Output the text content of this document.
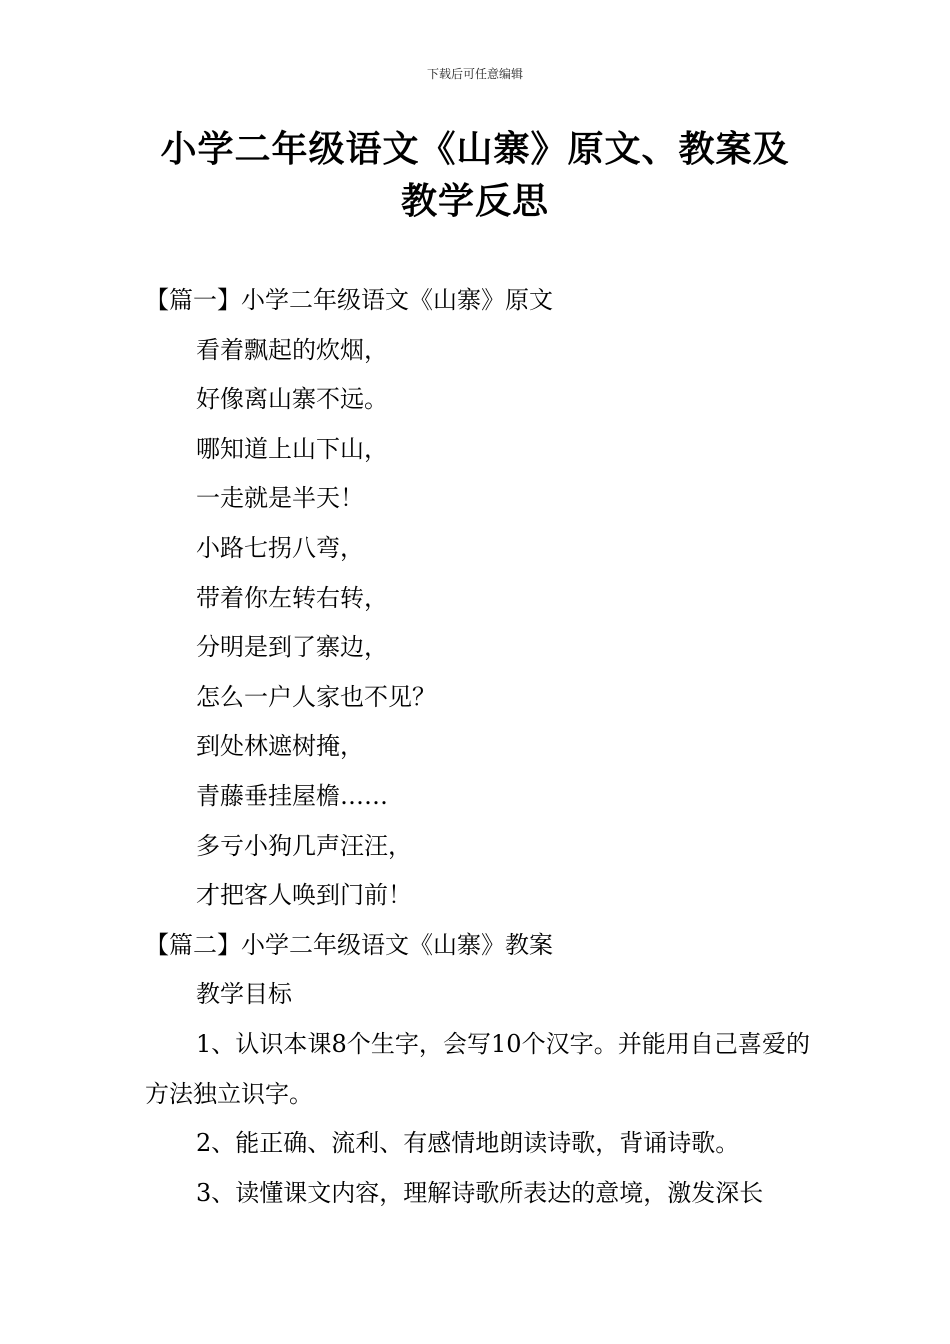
下载后可任意编辑
小学二年级语文《山寨》原文、教案及教学反思

【篇一】小学二年级语文《山寨》原文

看着飘起的炊烟，

好像离山寨不远。

哪知道上山下山，

一走就是半天！

小路七拐八弯，

带着你左转右转，

分明是到了寨边，

怎么一户人家也不见？

到处林遮树掩，

青藤垂挂屋檐……

多亏小狗几声汪汪，

才把客人唤到门前！

【篇二】小学二年级语文《山寨》教案

教学目标

1、认识本课8个生字，会写10个汉字。并能用自己喜爱的方法独立识字。

2、能正确、流利、有感情地朗读诗歌，背诵诗歌。

3、读懂课文内容，理解诗歌所表达的意境，激发深长
